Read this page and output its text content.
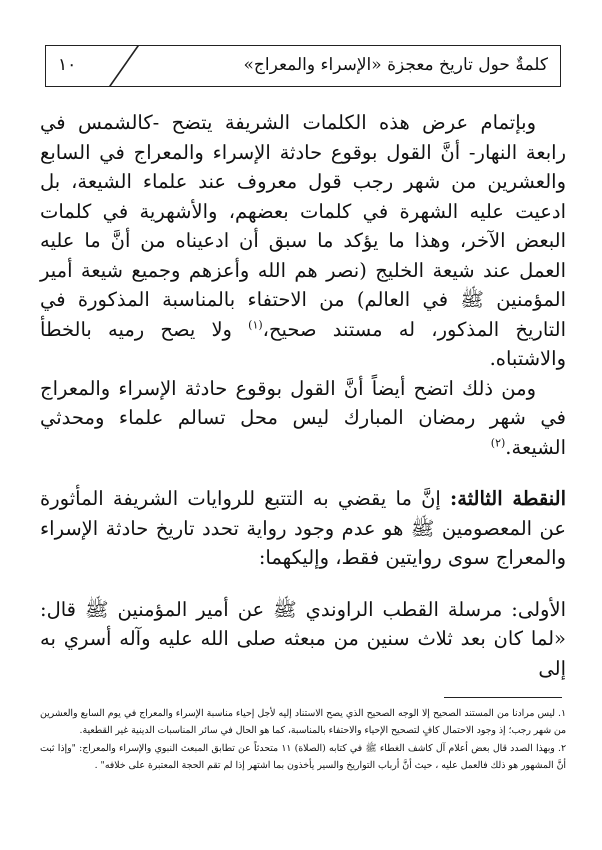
كلمةٌ حول تاريخ معجزة «الإسراء والمعراج»
١٠

وبإتمام عرض هذه الكلمات الشريفة يتضح -كالشمس في رابعة النهار- أنَّ القول بوقوع حادثة الإسراء والمعراج في السابع والعشرين من شهر رجب قول معروف عند علماء الشيعة، بل ادعيت عليه الشهرة في كلمات بعضهم، والأشهرية في كلمات البعض الآخر، وهذا ما يؤكد ما سبق أن ادعيناه من أنَّ ما عليه العمل عند شيعة الخليج (نصر هم الله وأعزهم وجميع شيعة أمير المؤمنين ﷺ في العالم) من الاحتفاء بالمناسبة المذكورة في التاريخ المذكور، له مستند صحيح،$^{(١)}$ ولا يصح رميه بالخطأ والاشتباه.

ومن ذلك اتضح أيضاً أنَّ القول بوقوع حادثة الإسراء والمعراج في شهر رمضان المبارك ليس محل تسالم علماء ومحدثي الشيعة.$^{(٢)}$

النقطة الثالثة: إنَّ ما يقضي به التتبع للروايات الشريفة المأثورة عن المعصومين ﷺ هو عدم وجود رواية تحدد تاريخ حادثة الإسراء والمعراج سوى روايتين فقط، وإليكهما:

الأولى: مرسلة القطب الراوندي ﷺ عن أمير المؤمنين ﷺ قال: «لما كان بعد ثلاث سنين من مبعثه صلى الله عليه وآله أسري به إلى

١. ليس مرادنا من المستند الصحيح إلا الوجه الصحيح الذي يصح الاستناد إليه لأجل إحياء مناسبة الإسراء والمعراج في يوم السابع والعشرين من شهر رجب؛ إذ وجود الاحتمال كافٍ لتصحيح الإحياء والاحتفاء بالمناسبة، كما هو الحال في سائر المناسبات الدينية غير القطعية.

٢. وبهذا الصدد قال بعض أعلام آل كاشف الغطاء ﷺ في كتابه (الصلاة) ١١ متحدثاً عن تطابق المبعث النبوي والإسراء والمعراج: "وإذا ثبت أنَّ المشهور هو ذلك فالعمل عليه ، حيث أنَّ أرباب التواريخ والسير يأخذون بما اشتهر إذا لم تقم الحجة المعتبرة على خلافه" .
